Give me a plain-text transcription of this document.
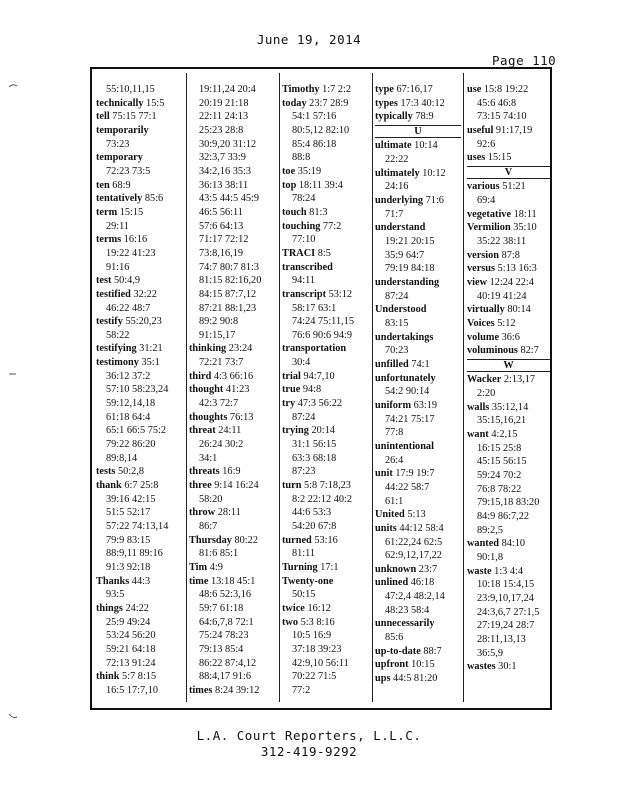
June 19, 2014
Page 110
55:10,11,15
technically 15:5
tell 75:15 77:1
temporarily
73:23
temporary
72:23 73:5
ten 68:9
tentatively 85:6
term 15:15
29:11
terms 16:16
19:22 41:23
91:16
test 50:4,9
testified 32:22
46:22 48:7
testify 55:20,23
58:22
testifying 31:21
testimony 35:1
36:12 37:2
57:10 58:23,24
59:12,14,18
61:18 64:4
65:1 66:5 75:2
79:22 86:20
89:8,14
tests 50:2,8
thank 6:7 25:8
39:16 42:15
51:5 52:17
57:22 74:13,14
79:9 83:15
88:9,11 89:16
91:3 92:18
Thanks 44:3
93:5
things 24:22
25:9 49:24
53:24 56:20
59:21 64:18
72:13 91:24
think 5:7 8:15
16:5 17:7,10
19:11,24 20:4
20:19 21:18
22:11 24:13
25:23 28:8
30:9,20 31:12
32:3,7 33:9
34:2,16 35:3
36:13 38:11
43:5 44:5 45:9
46:5 56:11
57:6 64:13
71:17 72:12
73:8,16,19
74:7 80:7 81:3
81:15 82:16,20
84:15 87:7,12
87:21 88:1,23
89:2 90:8
91:15,17
thinking 23:24
72:21 73:7
third 4:3 66:16
thought 41:23
42:3 72:7
thoughts 76:13
threat 24:11
26:24 30:2
34:1
threats 16:9
three 9:14 16:24
58:20
throw 28:11
86:7
Thursday 80:22
81:6 85:1
Tim 4:9
time 13:18 45:1
48:6 52:3,16
59:7 61:18
64:6,7,8 72:1
75:24 78:23
79:13 85:4
86:22 87:4,12
88:4,17 91:6
times 8:24 39:12
Timothy 1:7 2:2
today 23:7 28:9
54:1 57:16
80:5,12 82:10
85:4 86:18
88:8
toe 35:19
top 18:11 39:4
78:24
touch 81:3
touching 77:2
77:10
TRACI 8:5
transcribed
94:11
transcript 53:12
58:17 63:1
74:24 75:11,15
76:6 90:6 94:9
transportation
30:4
trial 94:7,10
true 94:8
try 47:3 56:22
87:24
trying 20:14
31:1 56:15
63:3 68:18
87:23
turn 5:8 7:18,23
8:2 22:12 40:2
44:6 53:3
54:20 67:8
turned 53:16
81:11
Turning 17:1
Twenty-one
50:15
twice 16:12
two 5:3 8:16
10:5 16:9
37:18 39:23
42:9,10 56:11
70:22 71:5
77:2
type 67:16,17
types 17:3 40:12
typically 78:9
U
ultimate 10:14
22:22
ultimately 10:12
24:16
underlying 71:6
71:7
understand
19:21 20:15
35:9 64:7
79:19 84:18
understanding
87:24
Understood
83:15
undertakings
70:23
unfilled 74:1
unfortunately
54:2 90:14
uniform 63:19
74:21 75:17
77:8
unintentional
26:4
unit 17:9 19:7
44:22 58:7
61:1
United 5:13
units 44:12 58:4
61:22,24 62:5
62:9,12,17,22
unknown 23:7
unlined 46:18
47:2,4 48:2,14
48:23 58:4
unnecessarily
85:6
up-to-date 88:7
upfront 10:15
ups 44:5 81:20
use 15:8 19:22
45:6 46:8
73:15 74:10
useful 91:17,19
92:6
uses 15:15
V
various 51:21
69:4
vegetative 18:11
Vermilion 35:10
35:22 38:11
version 87:8
versus 5:13 16:3
view 12:24 22:4
40:19 41:24
virtually 80:14
Voices 5:12
volume 36:6
voluminous 82:7
W
Wacker 2:13,17
2:20
walls 35:12,14
35:15,16,21
want 4:2,15
16:15 25:8
45:15 56:15
59:24 70:2
76:8 78:22
79:15,18 83:20
84:9 86:7,22
89:2,5
wanted 84:10
90:1,8
waste 1:3 4:4
10:18 15:4,15
23:9,10,17,24
24:3,6,7 27:1,5
27:19,24 28:7
28:11,13,13
36:5,9
wastes 30:1
L.A. Court Reporters, L.L.C.
312-419-9292
